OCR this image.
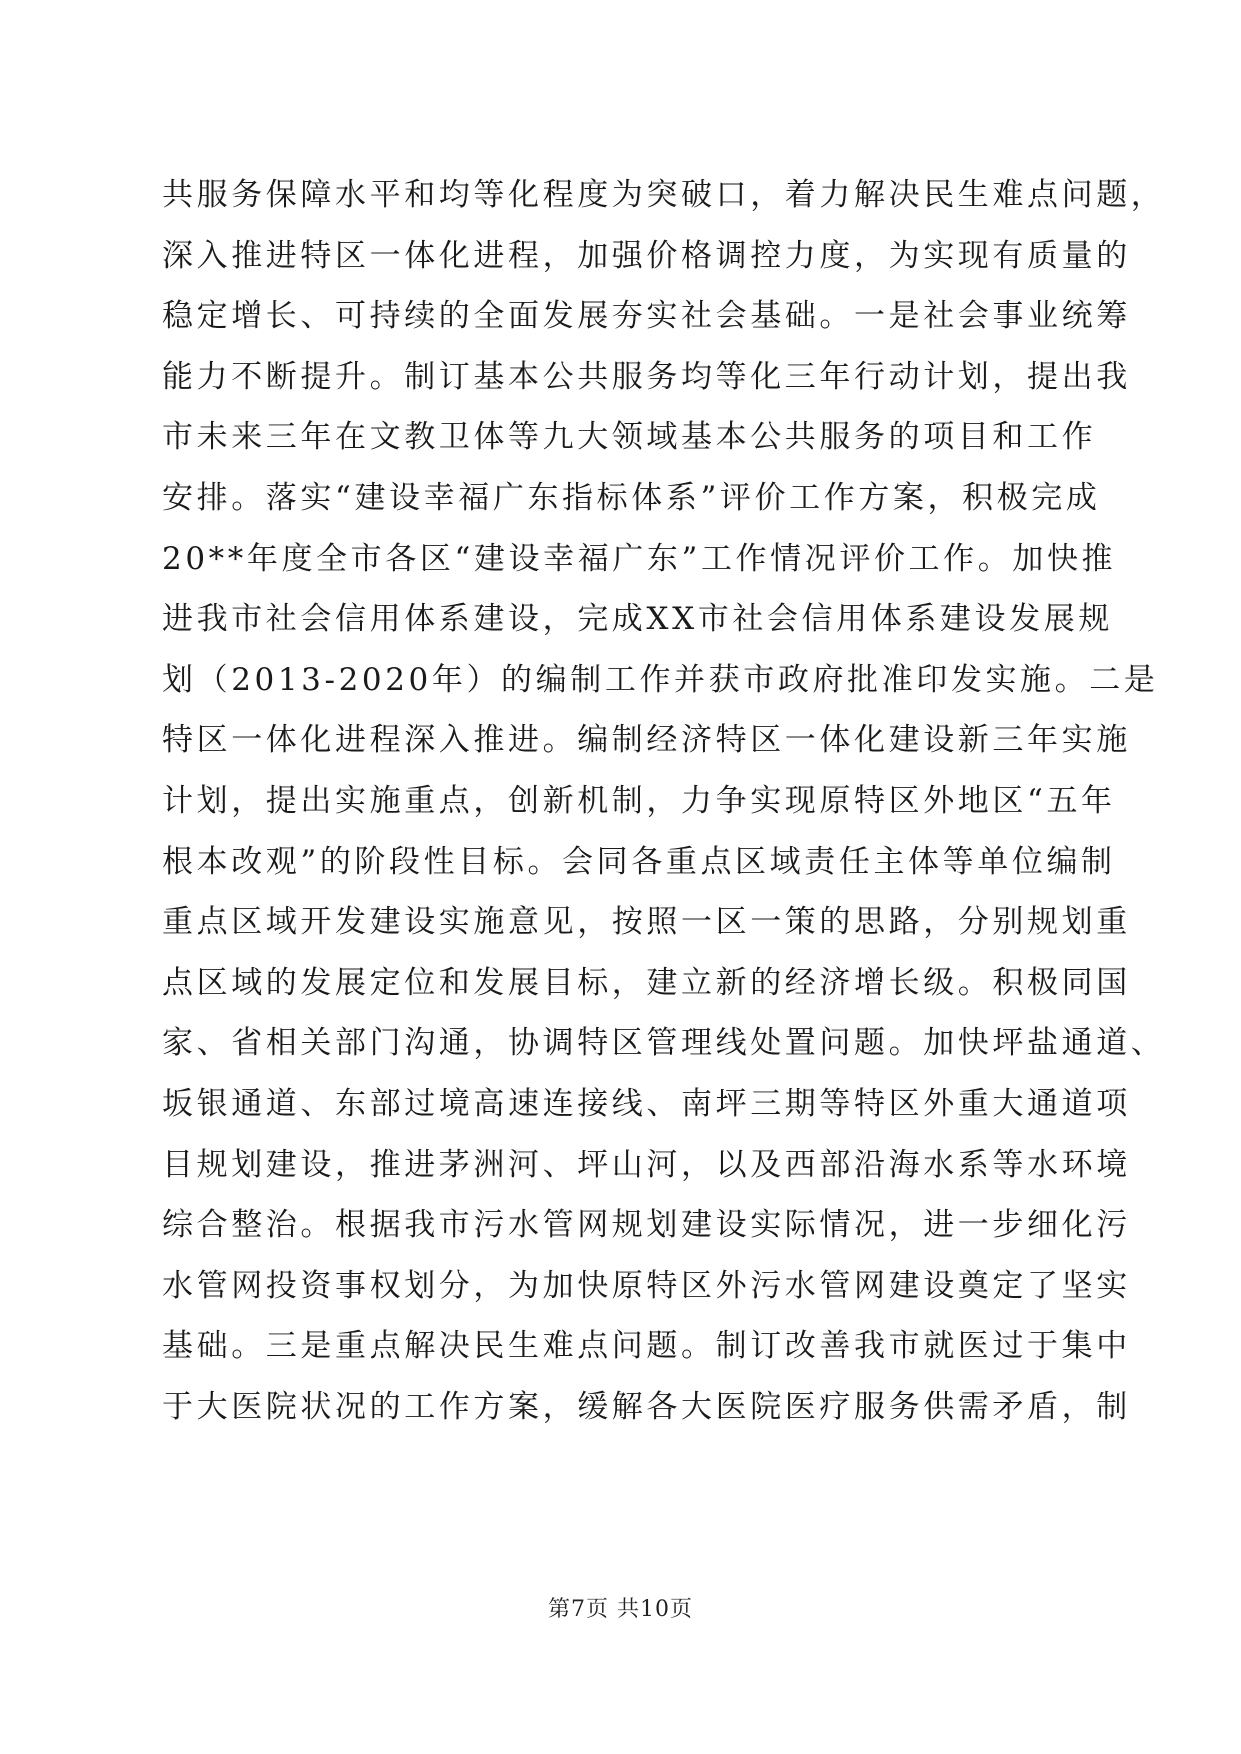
共服务保障水平和均等化程度为突破口，着力解决民生难点问题，
深入推进特区一体化进程，加强价格调控力度，为实现有质量的
稳定增长、可持续的全面发展夯实社会基础。一是社会事业统筹
能力不断提升。制订基本公共服务均等化三年行动计划，提出我
市未来三年在文教卫体等九大领域基本公共服务的项目和工作
安排。落实“建设幸福广东指标体系”评价工作方案，积极完成
20**年度全市各区“建设幸福广东”工作情况评价工作。加快推
进我市社会信用体系建设，完成XX市社会信用体系建设发展规
划（2013-2020年）的编制工作并获市政府批准印发实施。二是
特区一体化进程深入推进。编制经济特区一体化建设新三年实施
计划，提出实施重点，创新机制，力争实现原特区外地区“五年
根本改观”的阶段性目标。会同各重点区域责任主体等单位编制
重点区域开发建设实施意见，按照一区一策的思路，分别规划重
点区域的发展定位和发展目标，建立新的经济增长级。积极同国
家、省相关部门沟通，协调特区管理线处置问题。加快坪盐通道、
坂银通道、东部过境高速连接线、南坪三期等特区外重大通道项
目规划建设，推进茅洲河、坪山河，以及西部沿海水系等水环境
综合整治。根据我市污水管网规划建设实际情况，进一步细化污
水管网投资事权划分，为加快原特区外污水管网建设奠定了坚实
基础。三是重点解决民生难点问题。制订改善我市就医过于集中
于大医院状况的工作方案，缓解各大医院医疗服务供需矛盾，制
第7页 共10页
